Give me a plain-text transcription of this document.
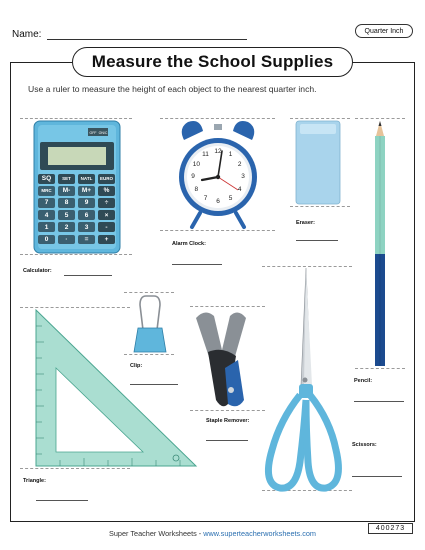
Name:	Quarter Inch
Measure the School Supplies
Use a ruler to measure the height of each object to the nearest quarter inch.
SQ	SET	NATL	EURO
MRC	M-	M+	%
7	8	9	÷
4	5	6	×
1	2	3	-
0	·	=	+
OFF ON/C
Calculator:
12	1
2
3
4
5
6
7
8
9
10
11
Alarm Clock:
Eraser:
Pencil:
Clip:
Staple Remover:
Scissors:
Triangle:
Super Teacher Worksheets - www.superteacherworksheets.com
400273
